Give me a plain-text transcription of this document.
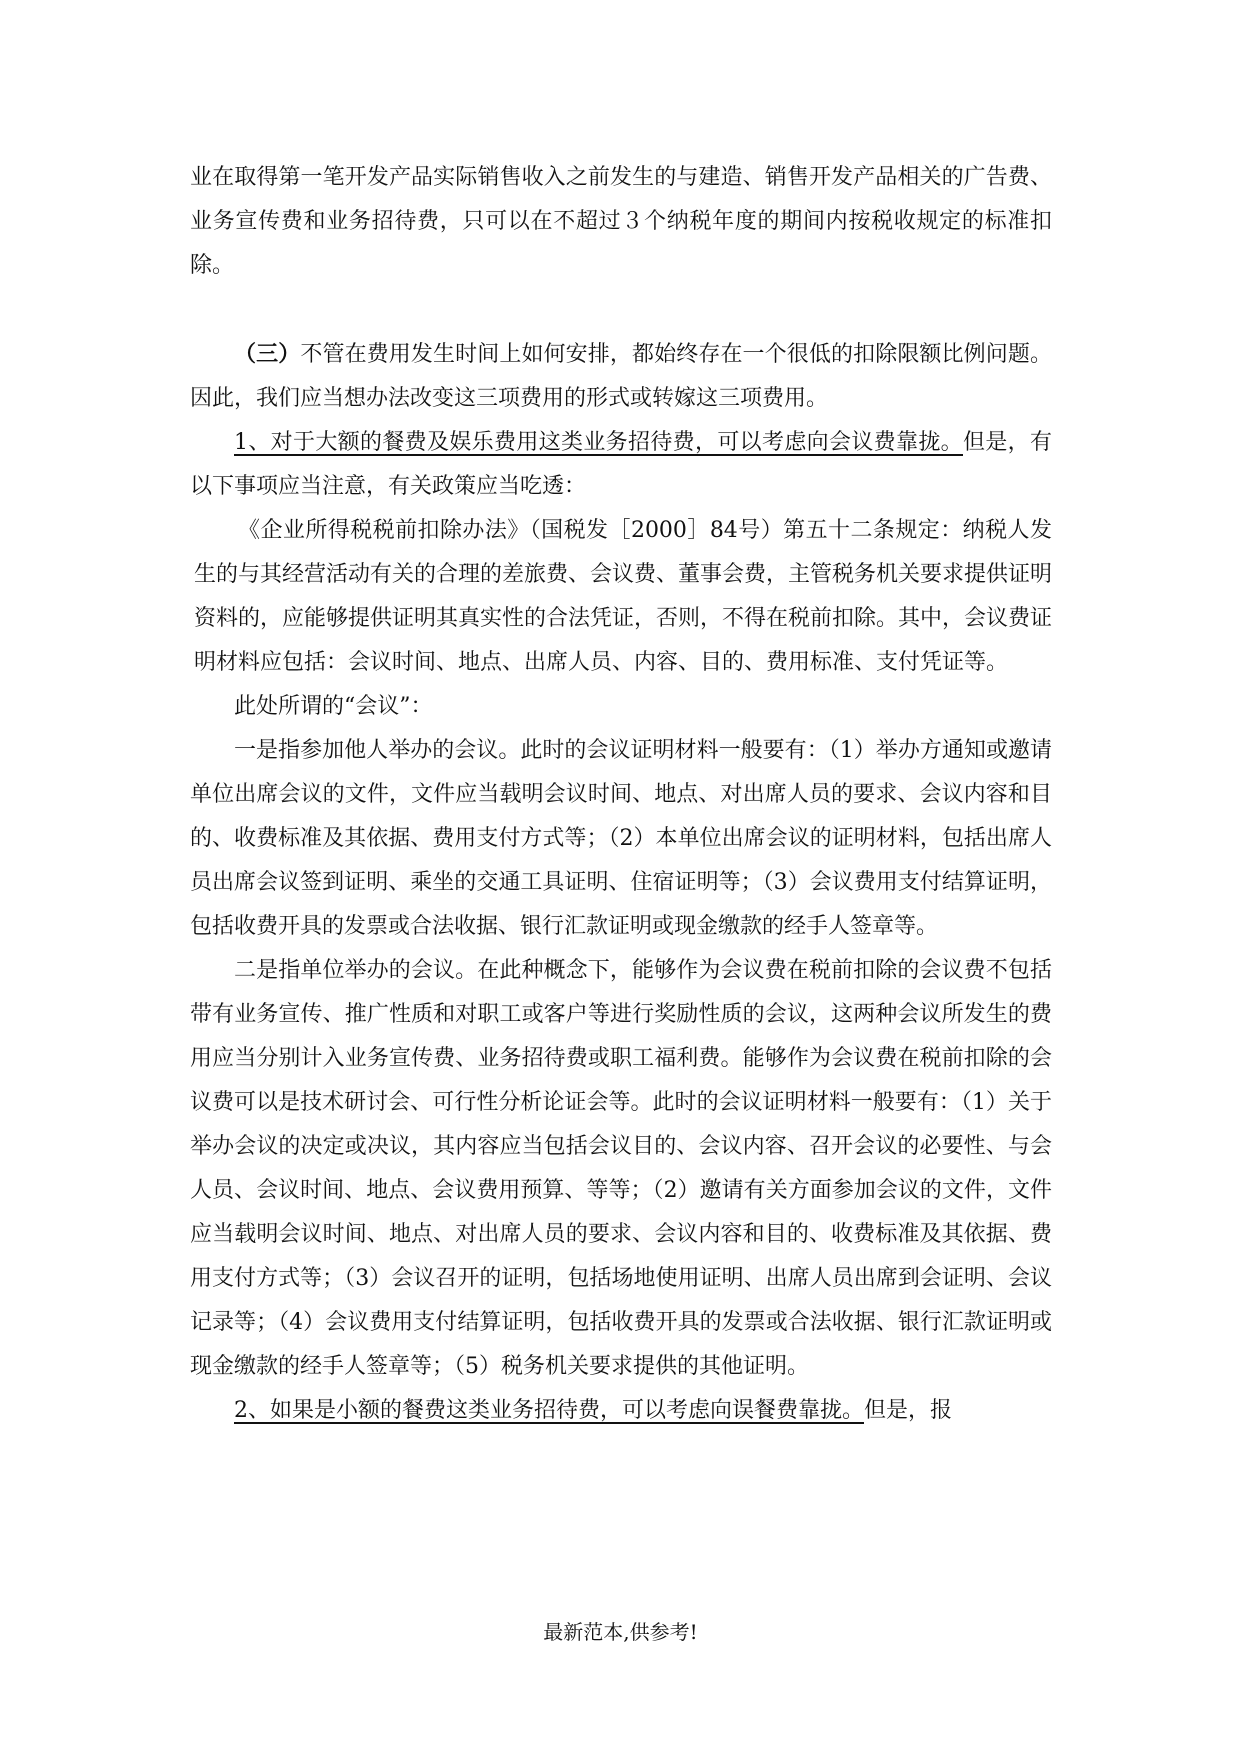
业在取得第一笔开发产品实际销售收入之前发生的与建造、销售开发产品相关的广告费、业务宣传费和业务招待费，只可以在不超过３个纳税年度的期间内按税收规定的标准扣除。

（三）不管在费用发生时间上如何安排，都始终存在一个很低的扣除限额比例问题。因此，我们应当想办法改变这三项费用的形式或转嫁这三项费用。

1、对于大额的餐费及娱乐费用这类业务招待费，可以考虑向会议费靠拢。但是，有以下事项应当注意，有关政策应当吃透：

《企业所得税税前扣除办法》（国税发［2000］84号）第五十二条规定：纳税人发生的与其经营活动有关的合理的差旅费、会议费、董事会费，主管税务机关要求提供证明资料的，应能够提供证明其真实性的合法凭证，否则，不得在税前扣除。其中，会议费证明材料应包括：会议时间、地点、出席人员、内容、目的、费用标准、支付凭证等。

此处所谓的“会议”：

一是指参加他人举办的会议。此时的会议证明材料一般要有：（1）举办方通知或邀请单位出席会议的文件，文件应当载明会议时间、地点、对出席人员的要求、会议内容和目的、收费标准及其依据、费用支付方式等；（2）本单位出席会议的证明材料，包括出席人员出席会议签到证明、乘坐的交通工具证明、住宿证明等；（3）会议费用支付结算证明，包括收费开具的发票或合法收据、银行汇款证明或现金缴款的经手人签章等。

二是指单位举办的会议。在此种概念下，能够作为会议费在税前扣除的会议费不包括带有业务宣传、推广性质和对职工或客户等进行奖励性质的会议，这两种会议所发生的费用应当分别计入业务宣传费、业务招待费或职工福利费。能够作为会议费在税前扣除的会议费可以是技术研讨会、可行性分析论证会等。此时的会议证明材料一般要有：（1）关于举办会议的决定或决议，其内容应当包括会议目的、会议内容、召开会议的必要性、与会人员、会议时间、地点、会议费用预算、等等；（2）邀请有关方面参加会议的文件，文件应当载明会议时间、地点、对出席人员的要求、会议内容和目的、收费标准及其依据、费用支付方式等；（3）会议召开的证明，包括场地使用证明、出席人员出席到会证明、会议记录等；（4）会议费用支付结算证明，包括收费开具的发票或合法收据、银行汇款证明或现金缴款的经手人签章等；（5）税务机关要求提供的其他证明。

2、如果是小额的餐费这类业务招待费，可以考虑向误餐费靠拢。但是，报

最新范本,供参考!
